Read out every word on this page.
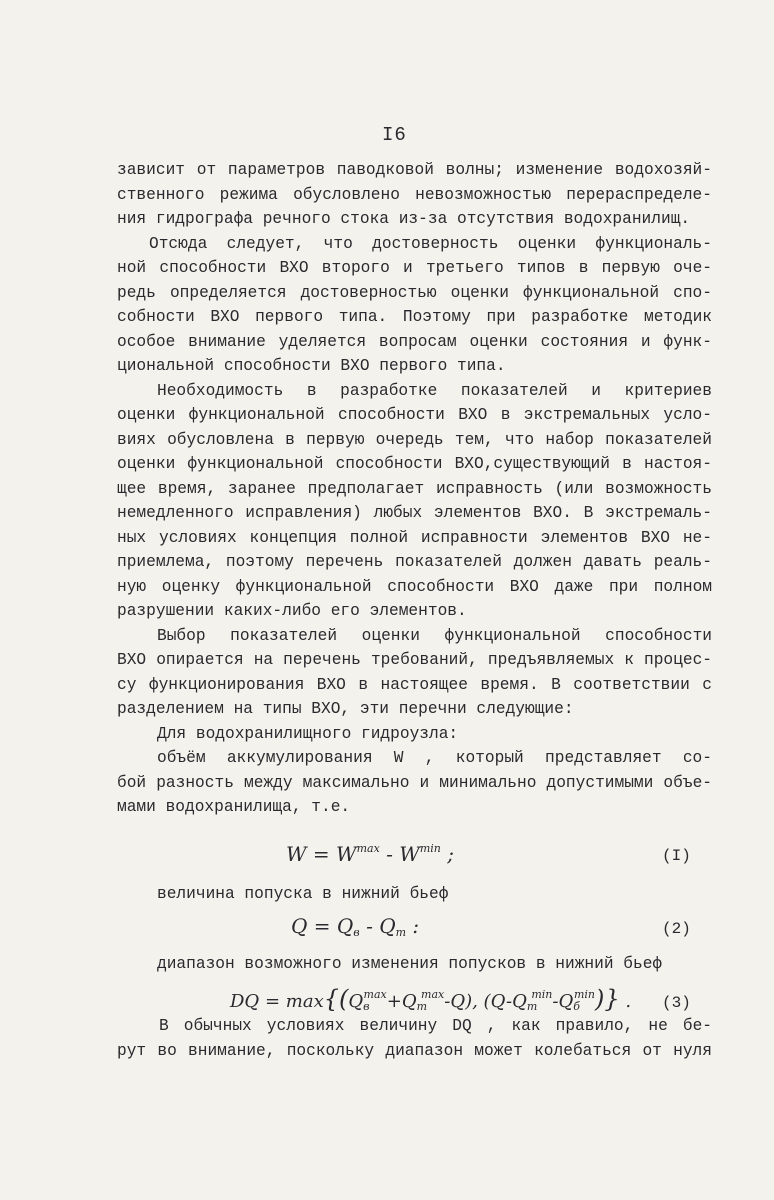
I6
зависит от параметров паводковой волны; изменение водохозяй-
ственного режима обусловлено невозможностью перераспределе-
ния гидрографа речного стока из-за отсутствия водохранилищ.
Отсюда следует, что достоверность оценки функциональ-
ной способности ВХО второго и третьего типов в первую оче-
редь определяется достоверностью оценки функциональной спо-
собности ВХО первого типа. Поэтому при разработке методик
особое внимание уделяется вопросам оценки состояния и функ-
циональной способности ВХО первого типа.
Необходимость в разработке показателей и критериев
оценки функциональной способности ВХО в экстремальных усло-
виях обусловлена в первую очередь тем, что набор показателей
оценки функциональной способности ВХО,существующий в настоя-
щее время, заранее предполагает исправность (или возможность
немедленного исправления) любых элементов ВХО. В экстремаль-
ных условиях концепция полной исправности элементов ВХО не-
приемлема, поэтому перечень показателей должен давать реаль-
ную оценку функциональной способности ВХО даже при полном
разрушении каких-либо его элементов.
Выбор показателей оценки функциональной способности
ВХО опирается на перечень требований, предъявляемых к процес-
су функционирования ВХО в настоящее время. В соответствии с
разделением на типы ВХО, эти перечни следующие:
Для водохранилищного гидроузла:
объём аккумулирования W , который представляет со-
бой разность между максимально и минимально допустимыми объе-
мами водохранилища, т.е.
$W = W^{max} - W^{min}$ ;	(I)
величина попуска в нижний бьеф
$Q = Q_в - Q_т$ :	(2)
диапазон возможного изменения попусков в нижний бьеф
DQ = $\max\{(Q_в^{max}+Q_т^{max}-Q)$, $(Q-Q_т^{min}-Q_б^{min})$} . (3)
В обычных условиях величину DQ , как правило, не бе-
рут во внимание, поскольку диапазон может колебаться от нуля
